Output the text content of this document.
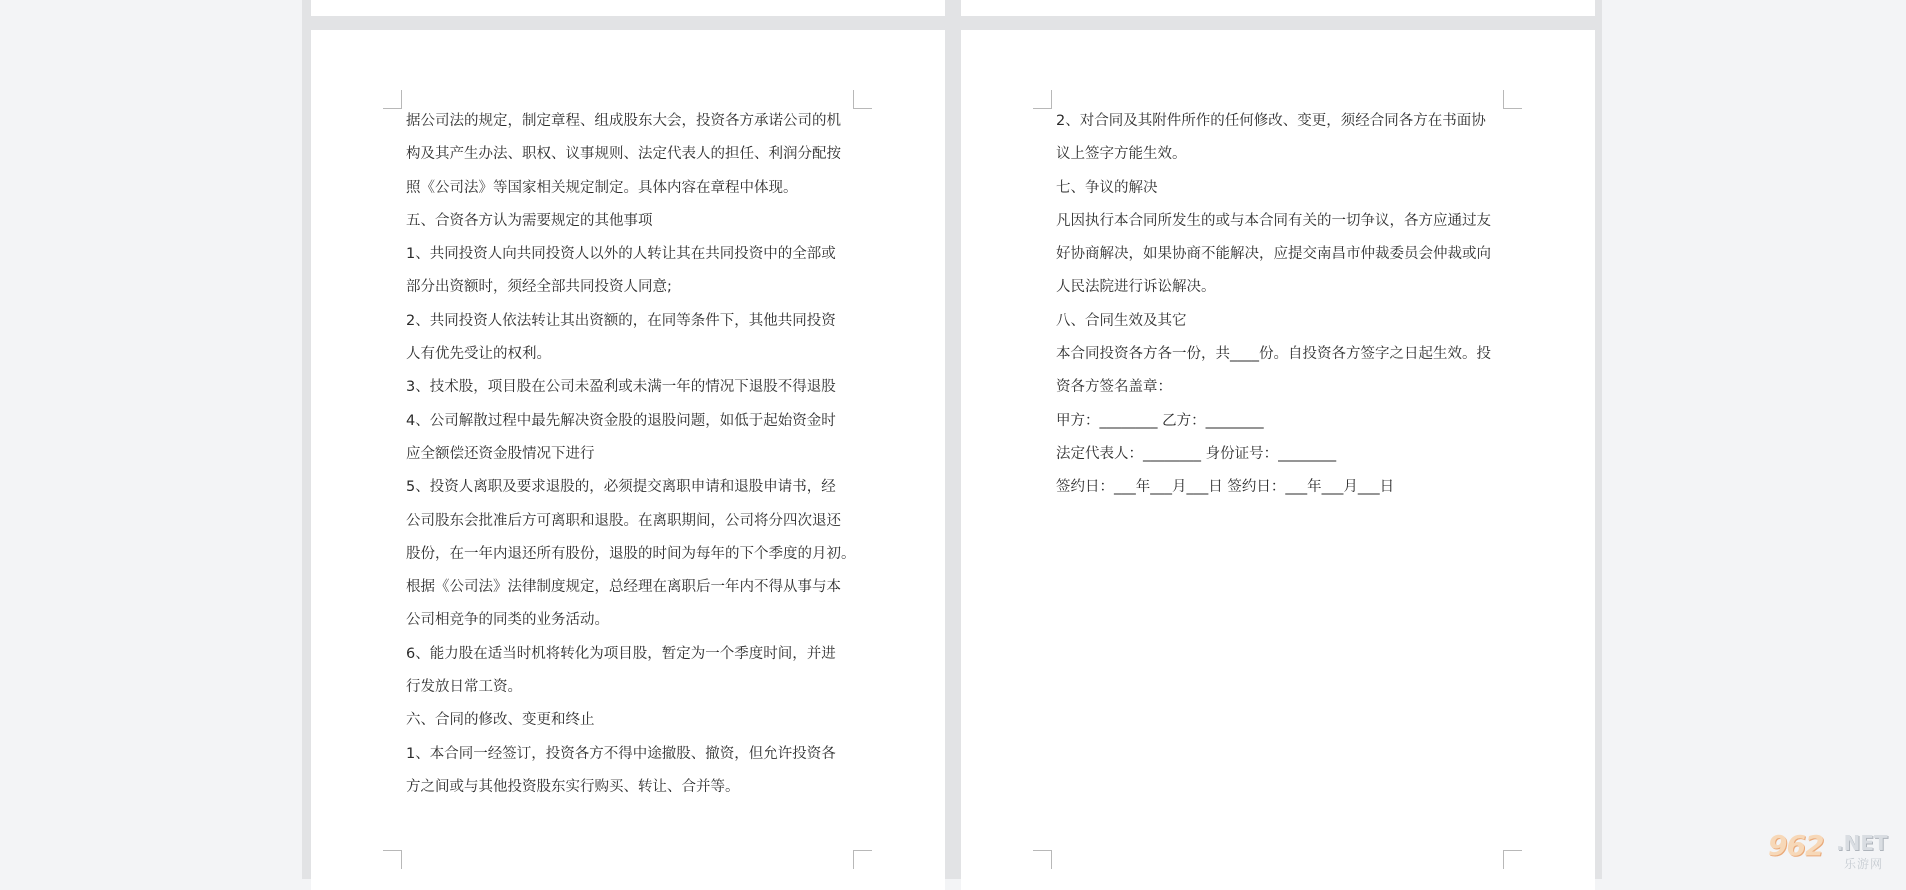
据公司法的规定，制定章程、组成股东大会，投资各方承诺公司的机
构及其产生办法、职权、议事规则、法定代表人的担任、利润分配按
照《公司法》等国家相关规定制定。具体内容在章程中体现。
五、合资各方认为需要规定的其他事项
1、共同投资人向共同投资人以外的人转让其在共同投资中的全部或
部分出资额时，须经全部共同投资人同意;
2、共同投资人依法转让其出资额的，在同等条件下，其他共同投资
人有优先受让的权利。
3、技术股，项目股在公司未盈利或未满一年的情况下退股不得退股
4、公司解散过程中最先解决资金股的退股问题，如低于起始资金时
应全额偿还资金股情况下进行
5、投资人离职及要求退股的，必须提交离职申请和退股申请书，经
公司股东会批准后方可离职和退股。在离职期间，公司将分四次退还
股份，在一年内退还所有股份，退股的时间为每年的下个季度的月初。
根据《公司法》法律制度规定，总经理在离职后一年内不得从事与本
公司相竞争的同类的业务活动。
6、能力股在适当时机将转化为项目股，暂定为一个季度时间，并进
行发放日常工资。
六、合同的修改、变更和终止
1、本合同一经签订，投资各方不得中途撤股、撤资，但允许投资各
方之间或与其他投资股东实行购买、转让、合并等。
2、对合同及其附件所作的任何修改、变更，须经合同各方在书面协
议上签字方能生效。
七、争议的解决
凡因执行本合同所发生的或与本合同有关的一切争议，各方应通过友
好协商解决，如果协商不能解决，应提交南昌市仲裁委员会仲裁或向
人民法院进行诉讼解决。
八、合同生效及其它
本合同投资各方各一份，共____份。自投资各方签字之日起生效。投
资各方签名盖章：
甲方：________ 乙方：________
法定代表人：________ 身份证号：________
签约日：___年___月___日 签约日：___年___月___日
962 .NET
乐游网
